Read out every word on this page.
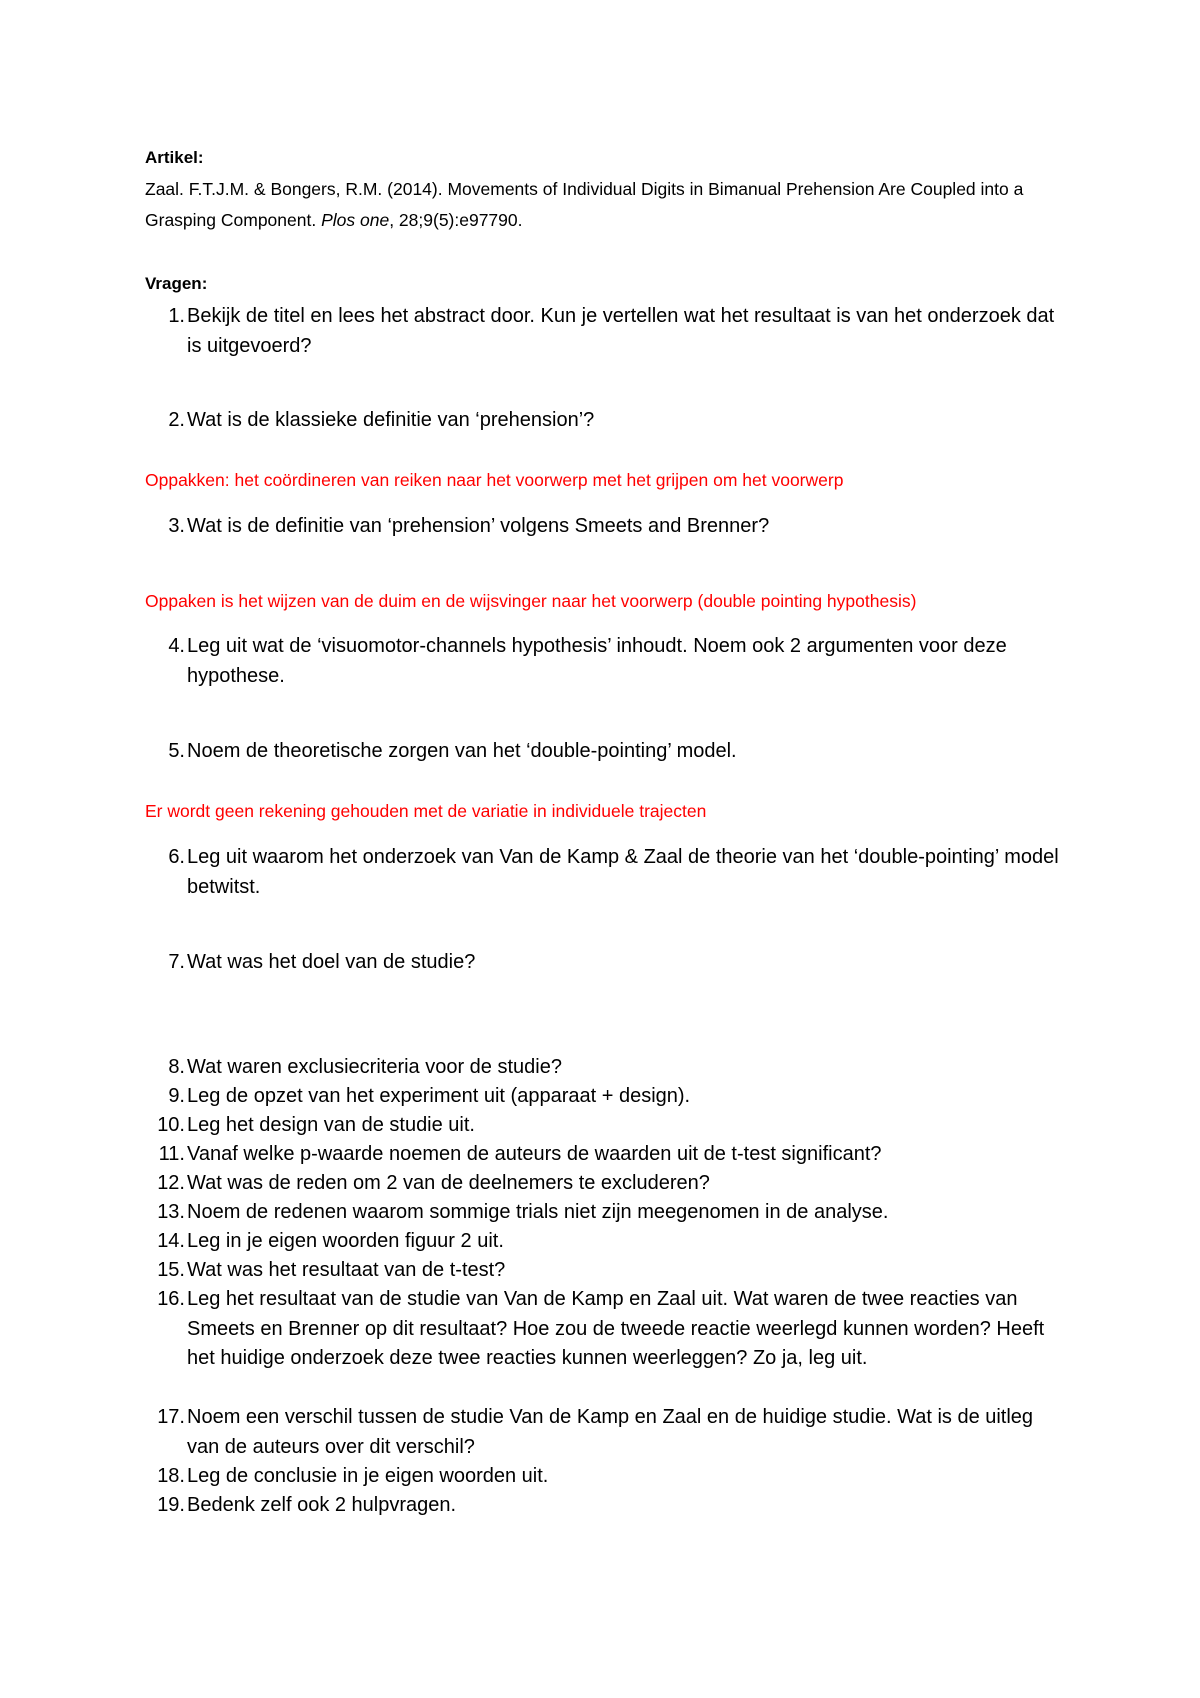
Artikel:

Zaal. F.T.J.M. & Bongers, R.M. (2014). Movements of Individual Digits in Bimanual Prehension Are Coupled into a Grasping Component. Plos one, 28;9(5):e97790.

Vragen:
1. Bekijk de titel en lees het abstract door. Kun je vertellen wat het resultaat is van het onderzoek dat is uitgevoerd?
2. Wat is de klassieke definitie van ‘prehension’?
Oppakken: het coördineren van reiken naar het voorwerp met het grijpen om het voorwerp
3. Wat is de definitie van ‘prehension’ volgens Smeets and Brenner?
Oppaken is het wijzen van de duim en de wijsvinger naar het voorwerp (double pointing hypothesis)
4. Leg uit wat de ‘visuomotor-channels hypothesis’ inhoudt. Noem ook 2 argumenten voor deze hypothese.
5. Noem de theoretische zorgen van het ‘double-pointing’ model.
Er wordt geen rekening gehouden met de variatie in individuele trajecten
6. Leg uit waarom het onderzoek van Van de Kamp & Zaal de theorie van het ‘double-pointing’ model betwitst.
7. Wat was het doel van de studie?
8. Wat waren exclusiecriteria voor de studie?
9. Leg de opzet van het experiment uit (apparaat + design).
10. Leg het design van de studie uit.
11. Vanaf welke p-waarde noemen de auteurs de waarden uit de t-test significant?
12. Wat was de reden om 2 van de deelnemers te excluderen?
13. Noem de redenen waarom sommige trials niet zijn meegenomen in de analyse.
14. Leg in je eigen woorden figuur 2 uit.
15. Wat was het resultaat van de t-test?
16. Leg het resultaat van de studie van Van de Kamp en Zaal uit. Wat waren de twee reacties van Smeets en Brenner op dit resultaat? Hoe zou de tweede reactie weerlegd kunnen worden? Heeft het huidige onderzoek deze twee reacties kunnen weerleggen? Zo ja, leg uit.
17. Noem een verschil tussen de studie Van de Kamp en Zaal en de huidige studie. Wat is de uitleg van de auteurs over dit verschil?
18. Leg de conclusie in je eigen woorden uit.
19. Bedenk zelf ook 2 hulpvragen.
